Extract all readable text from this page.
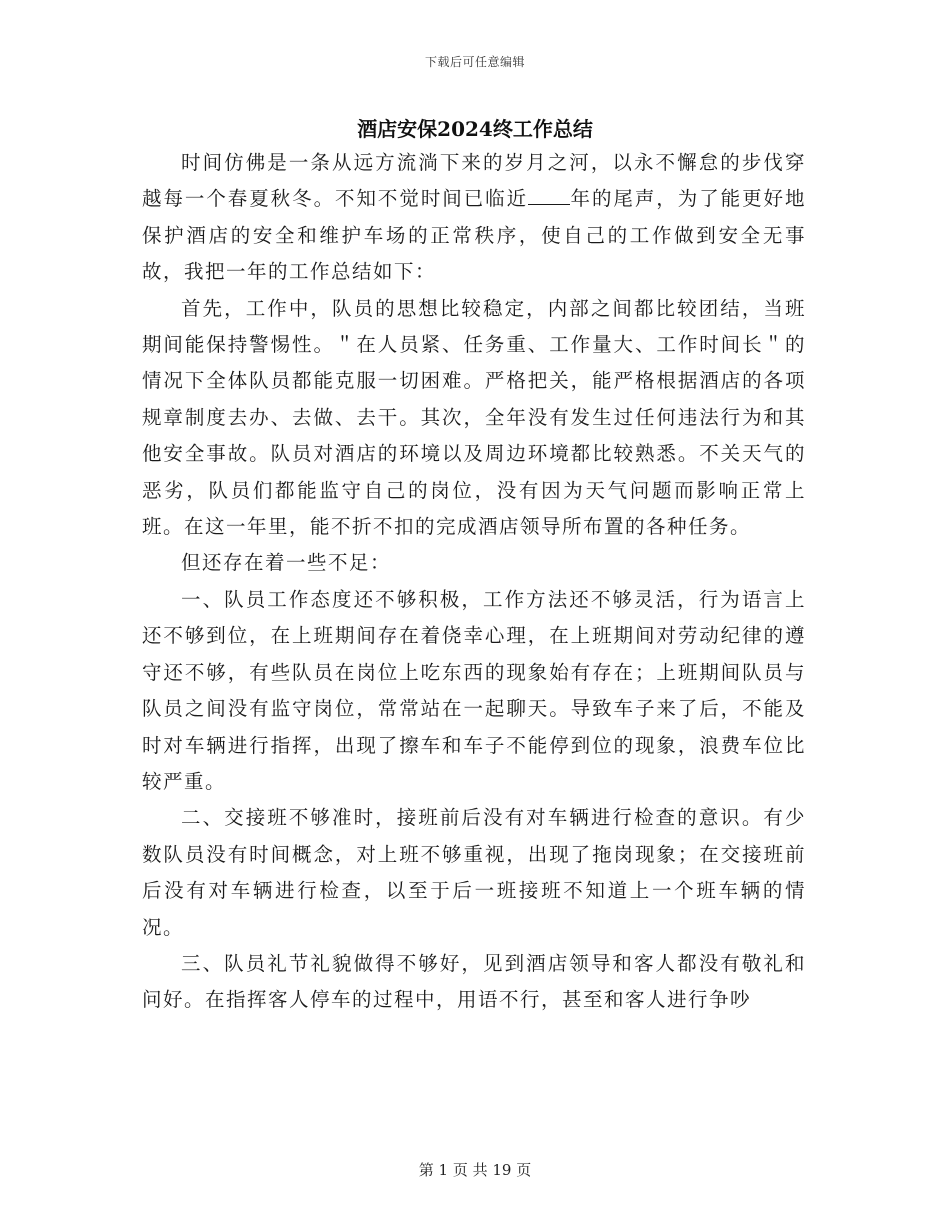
下载后可任意编辑
酒店安保2024终工作总结

时间仿佛是一条从远方流淌下来的岁月之河，以永不懈怠的步伐穿越每一个春夏秋冬。不知不觉时间已临近 年的尾声，为了能更好地保护酒店的安全和维护车场的正常秩序，使自己的工作做到安全无事故，我把一年的工作总结如下：

首先，工作中，队员的思想比较稳定，内部之间都比较团结，当班期间能保持警惕性。＂在人员紧、任务重、工作量大、工作时间长＂的情况下全体队员都能克服一切困难。严格把关，能严格根据酒店的各项规章制度去办、去做、去干。其次，全年没有发生过任何违法行为和其他安全事故。队员对酒店的环境以及周边环境都比较熟悉。不关天气的恶劣，队员们都能监守自己的岗位，没有因为天气问题而影响正常上班。在这一年里，能不折不扣的完成酒店领导所布置的各种任务。

但还存在着一些不足：

一、队员工作态度还不够积极，工作方法还不够灵活，行为语言上还不够到位，在上班期间存在着侥幸心理，在上班期间对劳动纪律的遵守还不够，有些队员在岗位上吃东西的现象始有存在；上班期间队员与队员之间没有监守岗位，常常站在一起聊天。导致车子来了后，不能及时对车辆进行指挥，出现了擦车和车子不能停到位的现象，浪费车位比较严重。

二、交接班不够准时，接班前后没有对车辆进行检查的意识。有少数队员没有时间概念，对上班不够重视，出现了拖岗现象；在交接班前后没有对车辆进行检查，以至于后一班接班不知道上一个班车辆的情况。

三、队员礼节礼貌做得不够好，见到酒店领导和客人都没有敬礼和问好。在指挥客人停车的过程中，用语不行，甚至和客人进行争吵

第 1 页 共 19 页
